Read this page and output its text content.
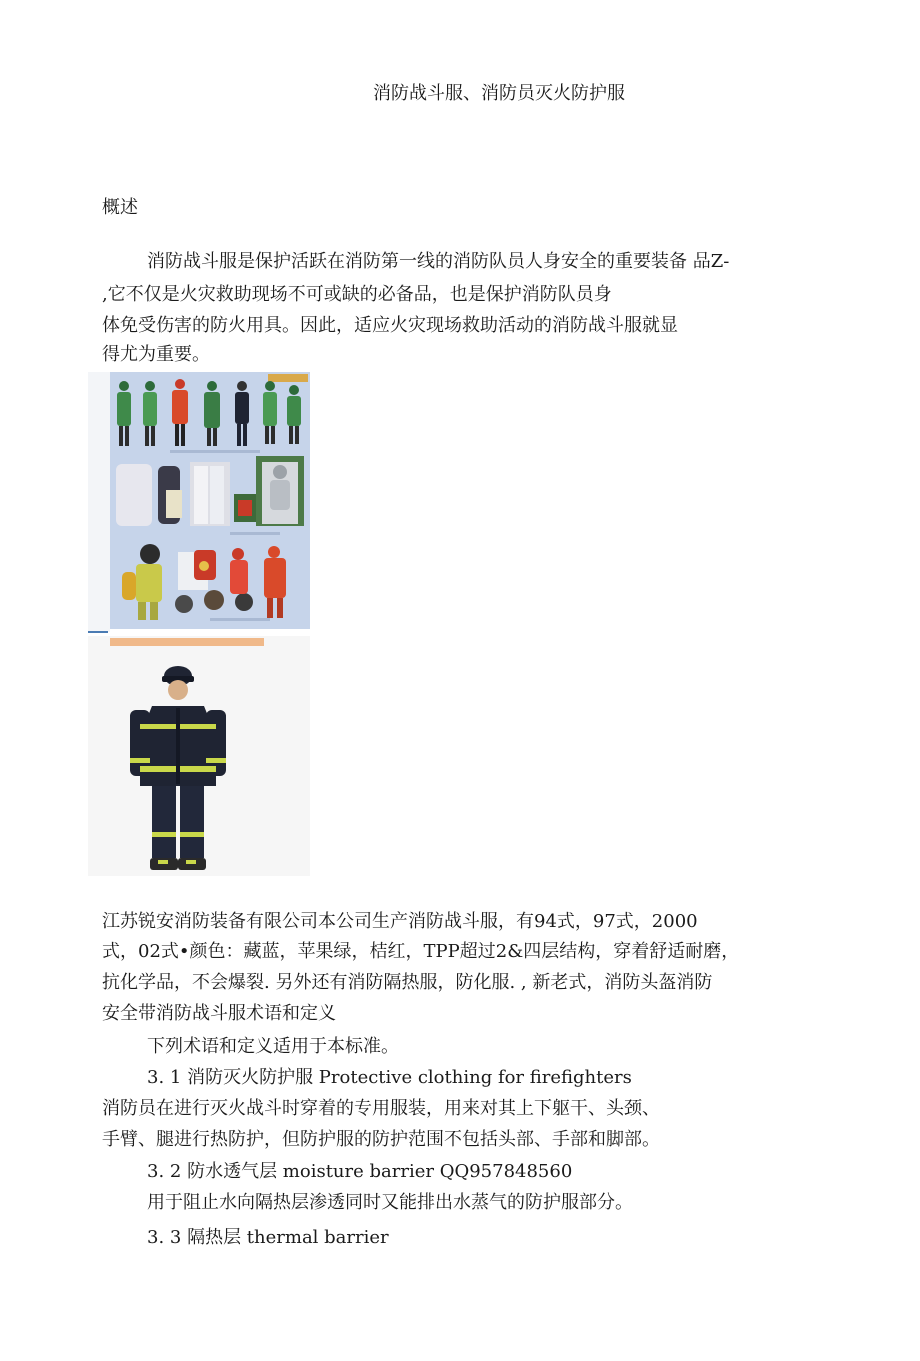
消防战斗服、消防员灭火防护服
概述
消防战斗服是保护活跃在消防第一线的消防队员人身安全的重要装备 品Z-
,它不仅是火灾救助现场不可或缺的必备品，也是保护消防队员身
体免受伤害的防火用具。因此，适应火灾现场救助活动的消防战斗服就显
得尤为重要。
江苏锐安消防装备有限公司本公司生产消防战斗服，有94式，97式，2000
式，02式•颜色：藏蓝，苹果绿，桔红，TPP超过2&四层结构，穿着舒适耐磨，
抗化学品，不会爆裂. 另外还有消防隔热服，防化服. , 新老式，消防头盔消防
安全带消防战斗服术语和定义
下列术语和定义适用于本标准。
3. 1 消防灭火防护服 Protective clothing for firefighters
消防员在进行灭火战斗时穿着的专用服装，用来对其上下躯干、头颈、
手臂、腿进行热防护，但防护服的防护范围不包括头部、手部和脚部。
3. 2 防水透气层 moisture barrier QQ957848560
用于阻止水向隔热层渗透同时又能排出水蒸气的防护服部分。
3. 3 隔热层 thermal barrier
